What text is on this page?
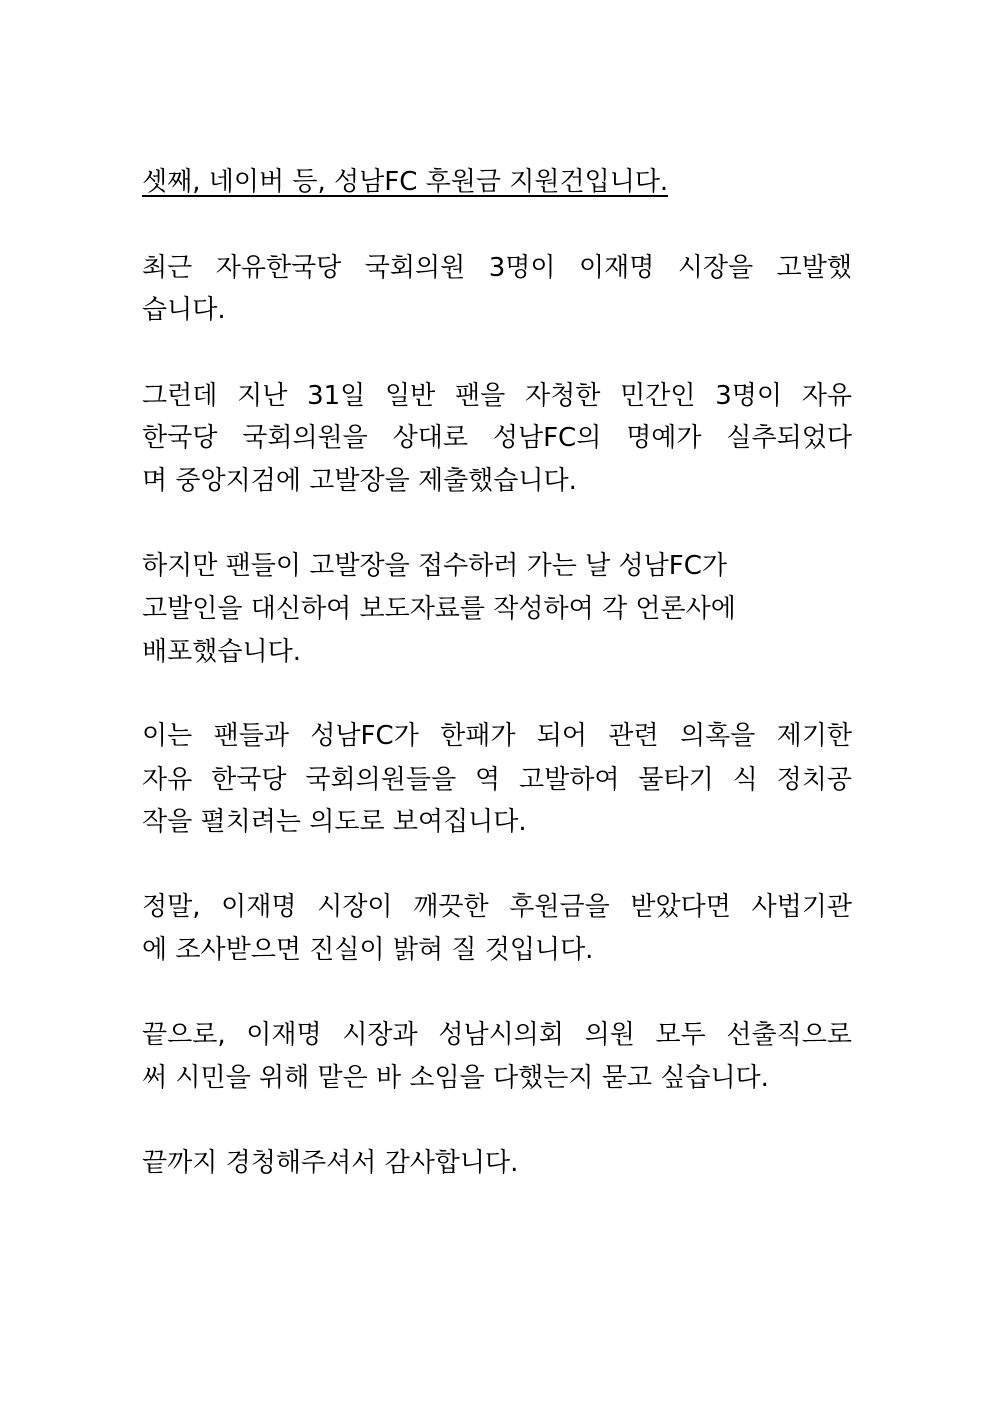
셋째, 네이버 등, 성남FC 후원금 지원건입니다.
최근 자유한국당 국회의원 3명이 이재명 시장을 고발했
습니다.
그런데 지난 31일 일반 팬을 자청한 민간인 3명이 자유
한국당 국회의원을 상대로 성남FC의 명예가 실추되었다
며 중앙지검에 고발장을 제출했습니다.
하지만 팬들이 고발장을 접수하러 가는 날 성남FC가
고발인을 대신하여 보도자료를 작성하여 각 언론사에
배포했습니다.
이는 팬들과 성남FC가 한패가 되어 관련 의혹을 제기한
자유 한국당 국회의원들을 역 고발하여 물타기 식 정치공
작을 펼치려는 의도로 보여집니다.
정말, 이재명 시장이 깨끗한 후원금을 받았다면 사법기관
에 조사받으면 진실이 밝혀 질 것입니다.
끝으로, 이재명 시장과 성남시의회 의원 모두 선출직으로
써 시민을 위해 맡은 바 소임을 다했는지 묻고 싶습니다.
끝까지 경청해주셔서 감사합니다.
